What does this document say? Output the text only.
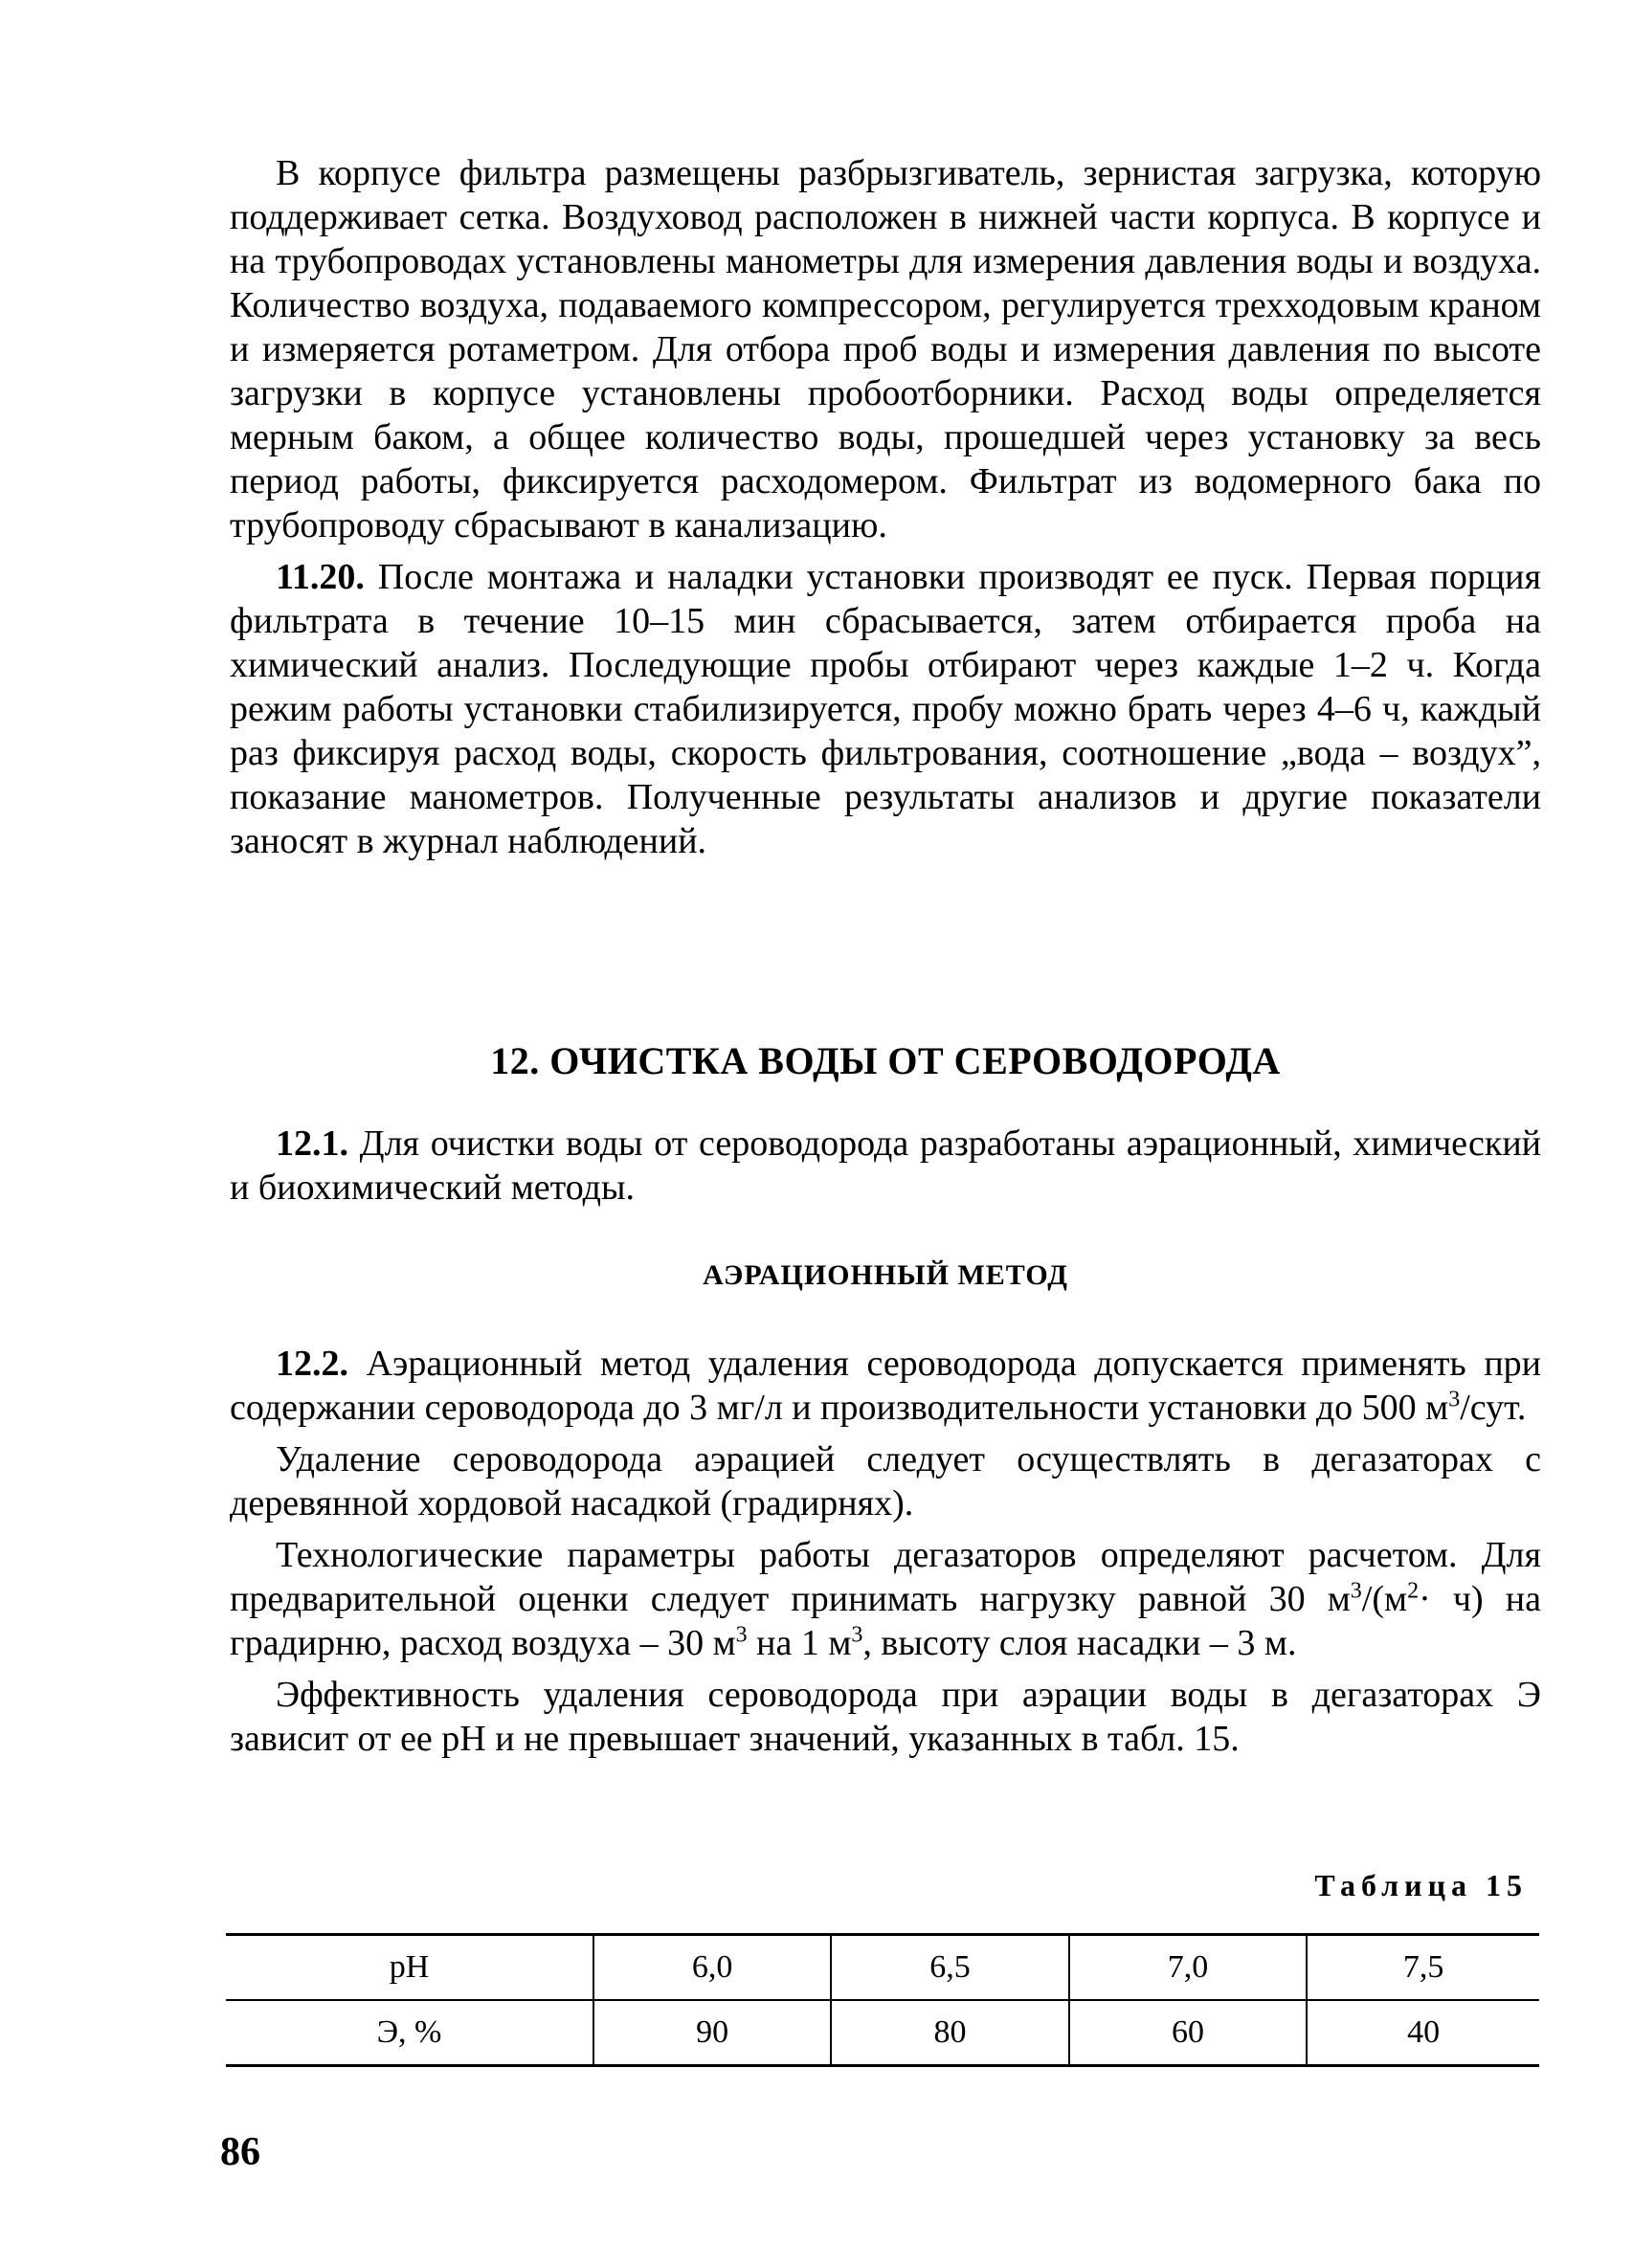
В корпусе фильтра размещены разбрызгиватель, зернистая загрузка, которую поддерживает сетка. Воздуховод расположен в нижней части корпуса. В корпусе и на трубопроводах установлены манометры для измерения давления воды и воздуха. Количество воздуха, подаваемого компрессором, регулируется трехходовым краном и измеряется ротаметром. Для отбора проб воды и измерения давления по высоте загрузки в корпусе установлены пробоотборники. Расход воды определяется мерным баком, а общее количество воды, прошедшей через установку за весь период работы, фиксируется расходомером. Фильтрат из водомерного бака по трубопроводу сбрасывают в канализацию.

11.20. После монтажа и наладки установки производят ее пуск. Первая порция фильтрата в течение 10–15 мин сбрасывается, затем отбирается проба на химический анализ. Последующие пробы отбирают через каждые 1–2 ч. Когда режим работы установки стабилизируется, пробу можно брать через 4–6 ч, каждый раз фиксируя расход воды, скорость фильтрования, соотношение „вода – воздух”, показание манометров. Полученные результаты анализов и другие показатели заносят в журнал наблюдений.

12. ОЧИСТКА ВОДЫ ОТ СЕРОВОДОРОДА

12.1. Для очистки воды от сероводорода разработаны аэрационный, химический и биохимический методы.

АЭРАЦИОННЫЙ МЕТОД

12.2. Аэрационный метод удаления сероводорода допускается применять при содержании сероводорода до 3 мг/л и производительности установки до 500 $м^3$/сут.

Удаление сероводорода аэрацией следует осуществлять в дегазаторах с деревянной хордовой насадкой (градирнях).

Технологические параметры работы дегазаторов определяют расчетом. Для предварительной оценки следует принимать нагрузку равной 30 $м^3/(м^2\cdot ч)$ на градирню, расход воздуха – 30 $м^3$ на 1 $м^3$, высоту слоя насадки – 3 м.

Эффективность удаления сероводорода при аэрации воды в дегазаторах Э зависит от ее pH и не превышает значений, указанных в табл. 15.

Таблица 15
pH	6,0	6,5	7,0	7,5
Э, %	90	80	60	40
86
